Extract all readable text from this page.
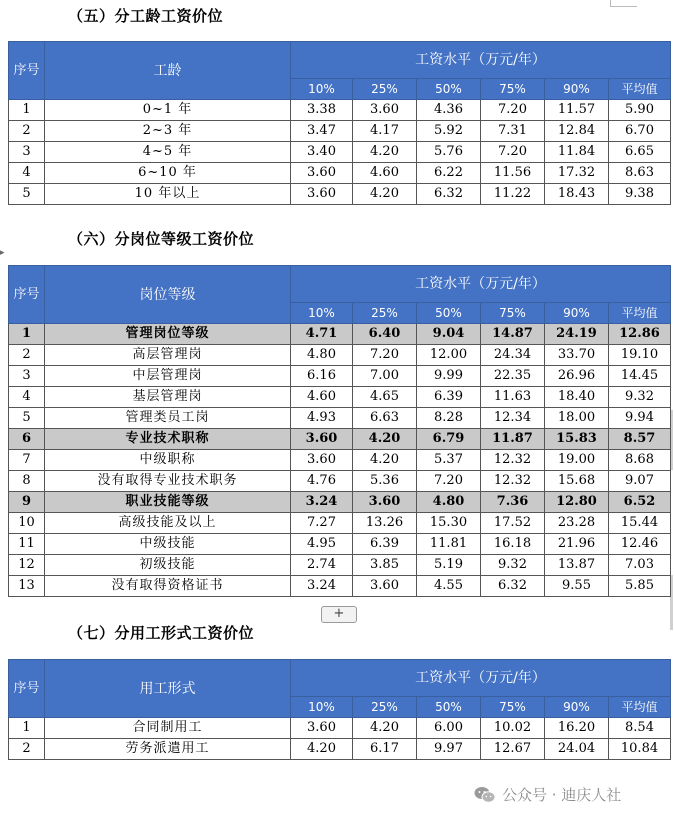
▸
（五）分工龄工资价位
序号	工龄	工资水平（万元/年）					
		10%	25%	50%	75%	90%	平均值
1	0~1 年	3.38	3.60	4.36	7.20	11.57	5.90
2	2~3 年	3.47	4.17	5.92	7.31	12.84	6.70
3	4~5 年	3.40	4.20	5.76	7.20	11.84	6.65
4	6~10 年	3.60	4.60	6.22	11.56	17.32	8.63
5	10 年以上	3.60	4.20	6.32	11.22	18.43	9.38
（六）分岗位等级工资价位
序号	岗位等级	工资水平（万元/年）					
		10%	25%	50%	75%	90%	平均值
1	管理岗位等级	4.71	6.40	9.04	14.87	24.19	12.86
2	高层管理岗	4.80	7.20	12.00	24.34	33.70	19.10
3	中层管理岗	6.16	7.00	9.99	22.35	26.96	14.45
4	基层管理岗	4.60	4.65	6.39	11.63	18.40	9.32
5	管理类员工岗	4.93	6.63	8.28	12.34	18.00	9.94
6	专业技术职称	3.60	4.20	6.79	11.87	15.83	8.57
7	中级职称	3.60	4.20	5.37	12.32	19.00	8.68
8	没有取得专业技术职务	4.76	5.36	7.20	12.32	15.68	9.07
9	职业技能等级	3.24	3.60	4.80	7.36	12.80	6.52
10	高级技能及以上	7.27	13.26	15.30	17.52	23.28	15.44
11	中级技能	4.95	6.39	11.81	16.18	21.96	12.46
12	初级技能	2.74	3.85	5.19	9.32	13.87	7.03
13	没有取得资格证书	3.24	3.60	4.55	6.32	9.55	5.85
+
（七）分用工形式工资价位
序号	用工形式	工资水平（万元/年）					
		10%	25%	50%	75%	90%	平均值
1	合同制用工	3.60	4.20	6.00	10.02	16.20	8.54
2	劳务派遣用工	4.20	6.17	9.97	12.67	24.04	10.84
公众号 · 迪庆人社
